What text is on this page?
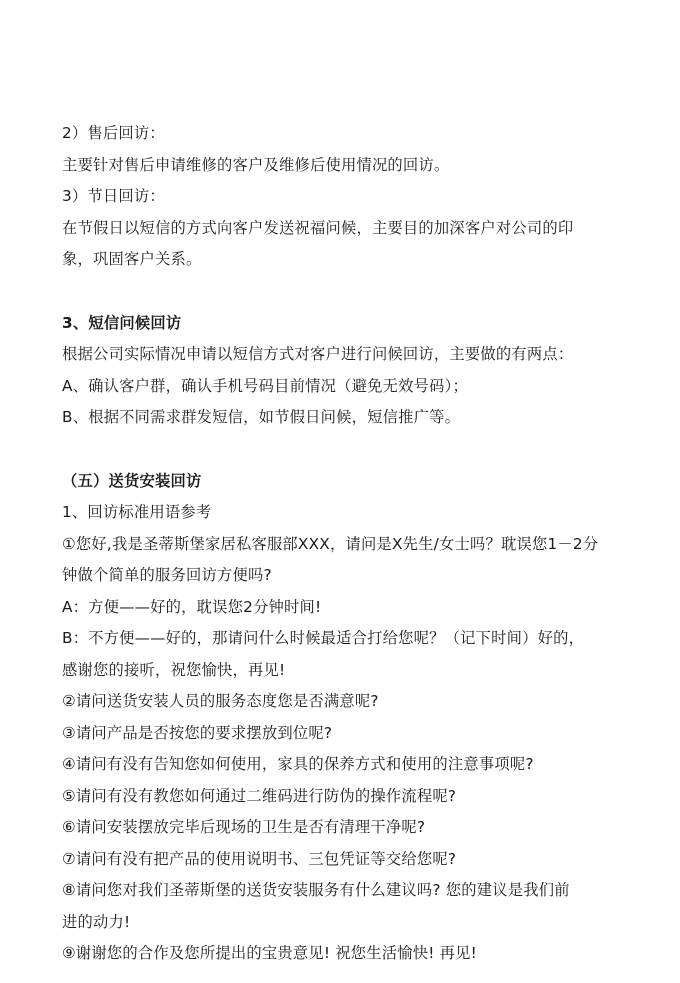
2）售后回访：
主要针对售后申请维修的客户及维修后使用情况的回访。
3）节日回访：
在节假日以短信的方式向客户发送祝福问候，主要目的加深客户对公司的印
象，巩固客户关系。
3、短信问候回访
根据公司实际情况申请以短信方式对客户进行问候回访，主要做的有两点：
A、确认客户群，确认手机号码目前情况（避免无效号码）；
B、根据不同需求群发短信，如节假日问候，短信推广等。
（五）送货安装回访
1、回访标准用语参考
①您好,我是圣蒂斯堡家居私客服部XXX，请问是X先生/女士吗？耽误您1－2分
钟做个简单的服务回访方便吗?
A：方便——好的，耽误您2分钟时间!
B：不方便——好的，那请问什么时候最适合打给您呢？（记下时间）好的，
感谢您的接听，祝您愉快，再见!
②请问送货安装人员的服务态度您是否满意呢?
③请问产品是否按您的要求摆放到位呢?
④请问有没有告知您如何使用，家具的保养方式和使用的注意事项呢?
⑤请问有没有教您如何通过二维码进行防伪的操作流程呢?
⑥请问安装摆放完毕后现场的卫生是否有清理干净呢?
⑦请问有没有把产品的使用说明书、三包凭证等交给您呢?
⑧请问您对我们圣蒂斯堡的送货安装服务有什么建议吗? 您的建议是我们前
进的动力!
⑨谢谢您的合作及您所提出的宝贵意见! 祝您生活愉快! 再见!
